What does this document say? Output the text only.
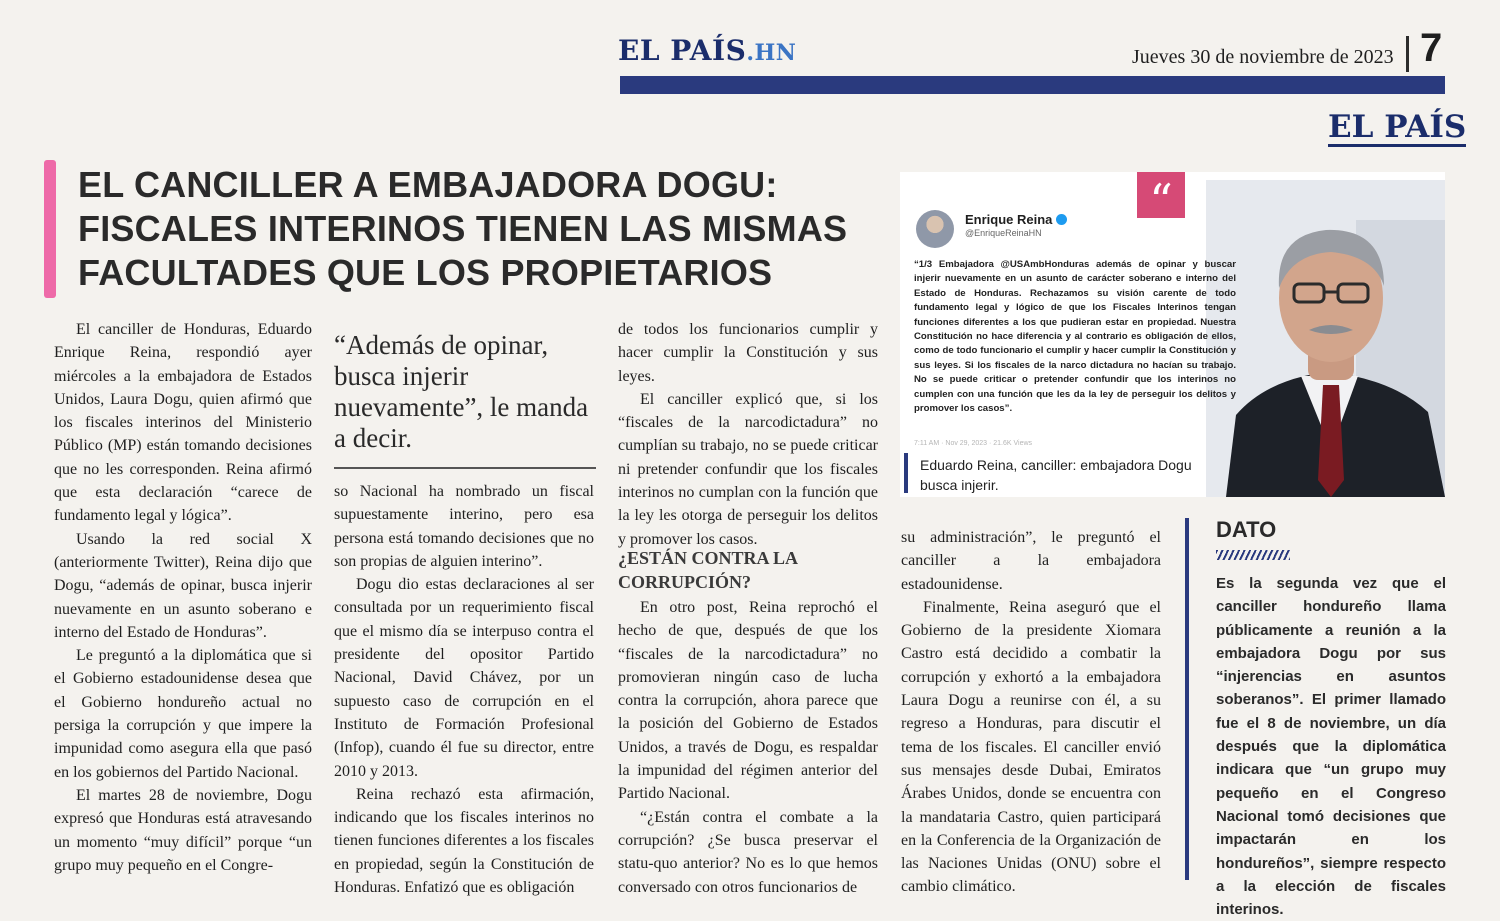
EL PAÍS.HN	Jueves 30 de noviembre de 2023 7
EL PAÍS
EL CANCILLER A EMBAJADORA DOGU:
FISCALES INTERINOS TIENEN LAS MISMAS
FACULTADES QUE LOS PROPIETARIOS

El canciller de Honduras, Eduardo Enrique Reina, respondió ayer miércoles a la embajadora de Estados Unidos, Laura Dogu, quien afirmó que los fiscales interinos del Ministerio Público (MP) están tomando decisiones que no les corresponden. Reina afirmó que esta declaración “carece de fundamento legal y lógica”.

Usando la red social X (anteriormente Twitter), Reina dijo que Dogu, “además de opinar, busca injerir nuevamente en un asunto soberano e interno del Estado de Honduras”.

Le preguntó a la diplomática que si el Gobierno estadounidense desea que el Gobierno hondureño actual no persiga la corrupción y que impere la impunidad como asegura ella que pasó en los gobiernos del Partido Nacional.

El martes 28 de noviembre, Dogu expresó que Honduras está atravesando un momento “muy difícil” porque “un grupo muy pequeño en el Congre-

“Además de opinar, busca injerir nuevamente”, le manda a decir.

so Nacional ha nombrado un fiscal supuestamente interino, pero esa persona está tomando decisiones que no son propias de alguien interino”.

Dogu dio estas declaraciones al ser consultada por un requerimiento fiscal que el mismo día se interpuso contra el presidente del opositor Partido Nacional, David Chávez, por un supuesto caso de corrupción en el Instituto de Formación Profesional (Infop), cuando él fue su director, entre 2010 y 2013.

Reina rechazó esta afirmación, indicando que los fiscales interinos no tienen funciones diferentes a los fiscales en propiedad, según la Constitución de Honduras. Enfatizó que es obligación

de todos los funcionarios cumplir y hacer cumplir la Constitución y sus leyes.

El canciller explicó que, si los “fiscales de la narcodictadura” no cumplían su trabajo, no se puede criticar ni pretender confundir que los fiscales interinos no cumplan con la función que la ley les otorga de perseguir los delitos y promover los casos.

¿ESTÁN CONTRA LA CORRUPCIÓN?

En otro post, Reina reprochó el hecho de que, después de que los “fiscales de la narcodictadura” no promovieran ningún caso de lucha contra la corrupción, ahora parece que la posición del Gobierno de Estados Unidos, a través de Dogu, es respaldar la impunidad del régimen anterior del Partido Nacional.

“¿Están contra el combate a la corrupción? ¿Se busca preservar el statu-quo anterior? No es lo que hemos conversado con otros funcionarios de

su administración”, le preguntó el canciller a la embajadora estadounidense.

Finalmente, Reina aseguró que el Gobierno de la presidente Xiomara Castro está decidido a combatir la corrupción y exhortó a la embajadora Laura Dogu a reunirse con él, a su regreso a Honduras, para discutir el tema de los fiscales. El canciller envió sus mensajes desde Dubai, Emiratos Árabes Unidos, donde se encuentra con la mandataria Castro, quien participará en la Conferencia de la Organización de las Naciones Unidas (ONU) sobre el cambio climático.

“
Enrique Reina
@EnriqueReinaHN
“1/3 Embajadora @USAmbHonduras además de opinar y buscar injerir nuevamente en un asunto de carácter soberano e interno del Estado de Honduras. Rechazamos su visión carente de todo fundamento legal y lógico de que los Fiscales Interinos tengan funciones diferentes a los que pudieran estar en propiedad. Nuestra Constitución no hace diferencia y al contrario es obligación de ellos, como de todo funcionario el cumplir y hacer cumplir la Constitución y sus leyes. Si los fiscales de la narco dictadura no hacían su trabajo. No se puede criticar o pretender confundir que los interinos no cumplen con una función que les da la ley de perseguir los delitos y promover los casos”.
7:11 AM · Nov 29, 2023 · 21.6K Views
Eduardo Reina, canciller: embajadora Dogu busca injerir.
DATO
Es la segunda vez que el canciller hondureño llama públicamente a reunión a la embajadora Dogu por sus “injerencias en asuntos soberanos”. El primer llamado fue el 8 de noviembre, un día después que la diplomática indicara que “un grupo muy pequeño en el Congreso Nacional tomó decisiones que impactarán en los hondureños”, siempre respecto a la elección de fiscales interinos.
